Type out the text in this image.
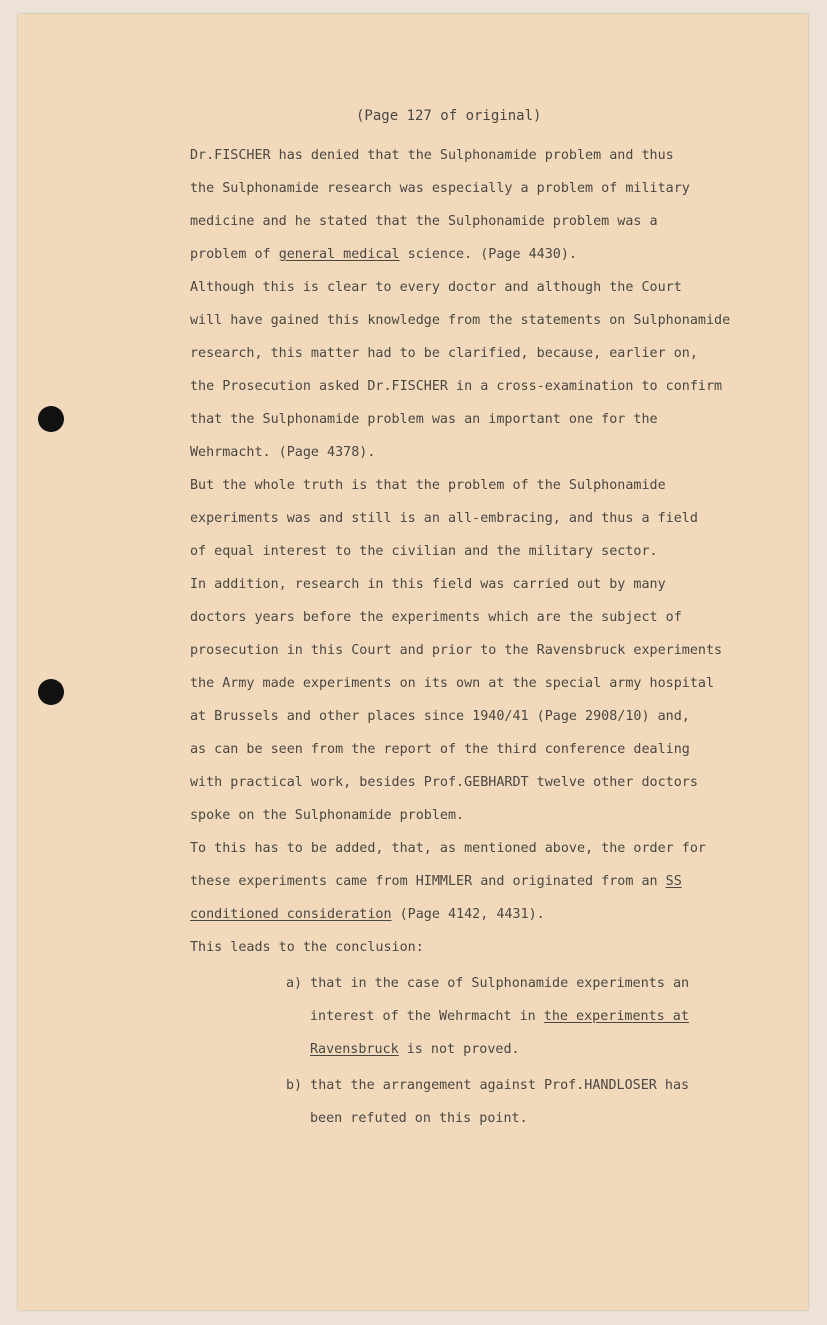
(Page 127 of original)
Dr.FISCHER has denied that the Sulphonamide problem and thus
the Sulphonamide research was especially a problem of military
medicine and he stated that the Sulphonamide problem was a
problem of general medical science. (Page 4430).
Although this is clear to every doctor and although the Court
will have gained this knowledge from the statements on Sulphonamide
research, this matter had to be clarified, because, earlier on,
the Prosecution asked Dr.FISCHER in a cross-examination to confirm
that the Sulphonamide problem was an important one for the
Wehrmacht. (Page 4378).
But the whole truth is that the problem of the Sulphonamide
experiments was and still is an all-embracing, and thus a field
of equal interest to the civilian and the military sector.
In addition, research in this field was carried out by many
doctors years before the experiments which are the subject of
prosecution in this Court and prior to the Ravensbruck experiments
the Army made experiments on its own at the special army hospital
at Brussels and other places since 1940/41 (Page 2908/10) and,
as can be seen from the report of the third conference dealing
with practical work, besides Prof.GEBHARDT twelve other doctors
spoke on the Sulphonamide problem.
To this has to be added, that, as mentioned above, the order for
these experiments came from HIMMLER and originated from an SS
conditioned consideration (Page 4142, 4431).
This leads to the conclusion:
a) that in the case of Sulphonamide experiments an
interest of the Wehrmacht in the experiments at
Ravensbruck is not proved.
b) that the arrangement against Prof.HANDLOSER has
been refuted on this point.
